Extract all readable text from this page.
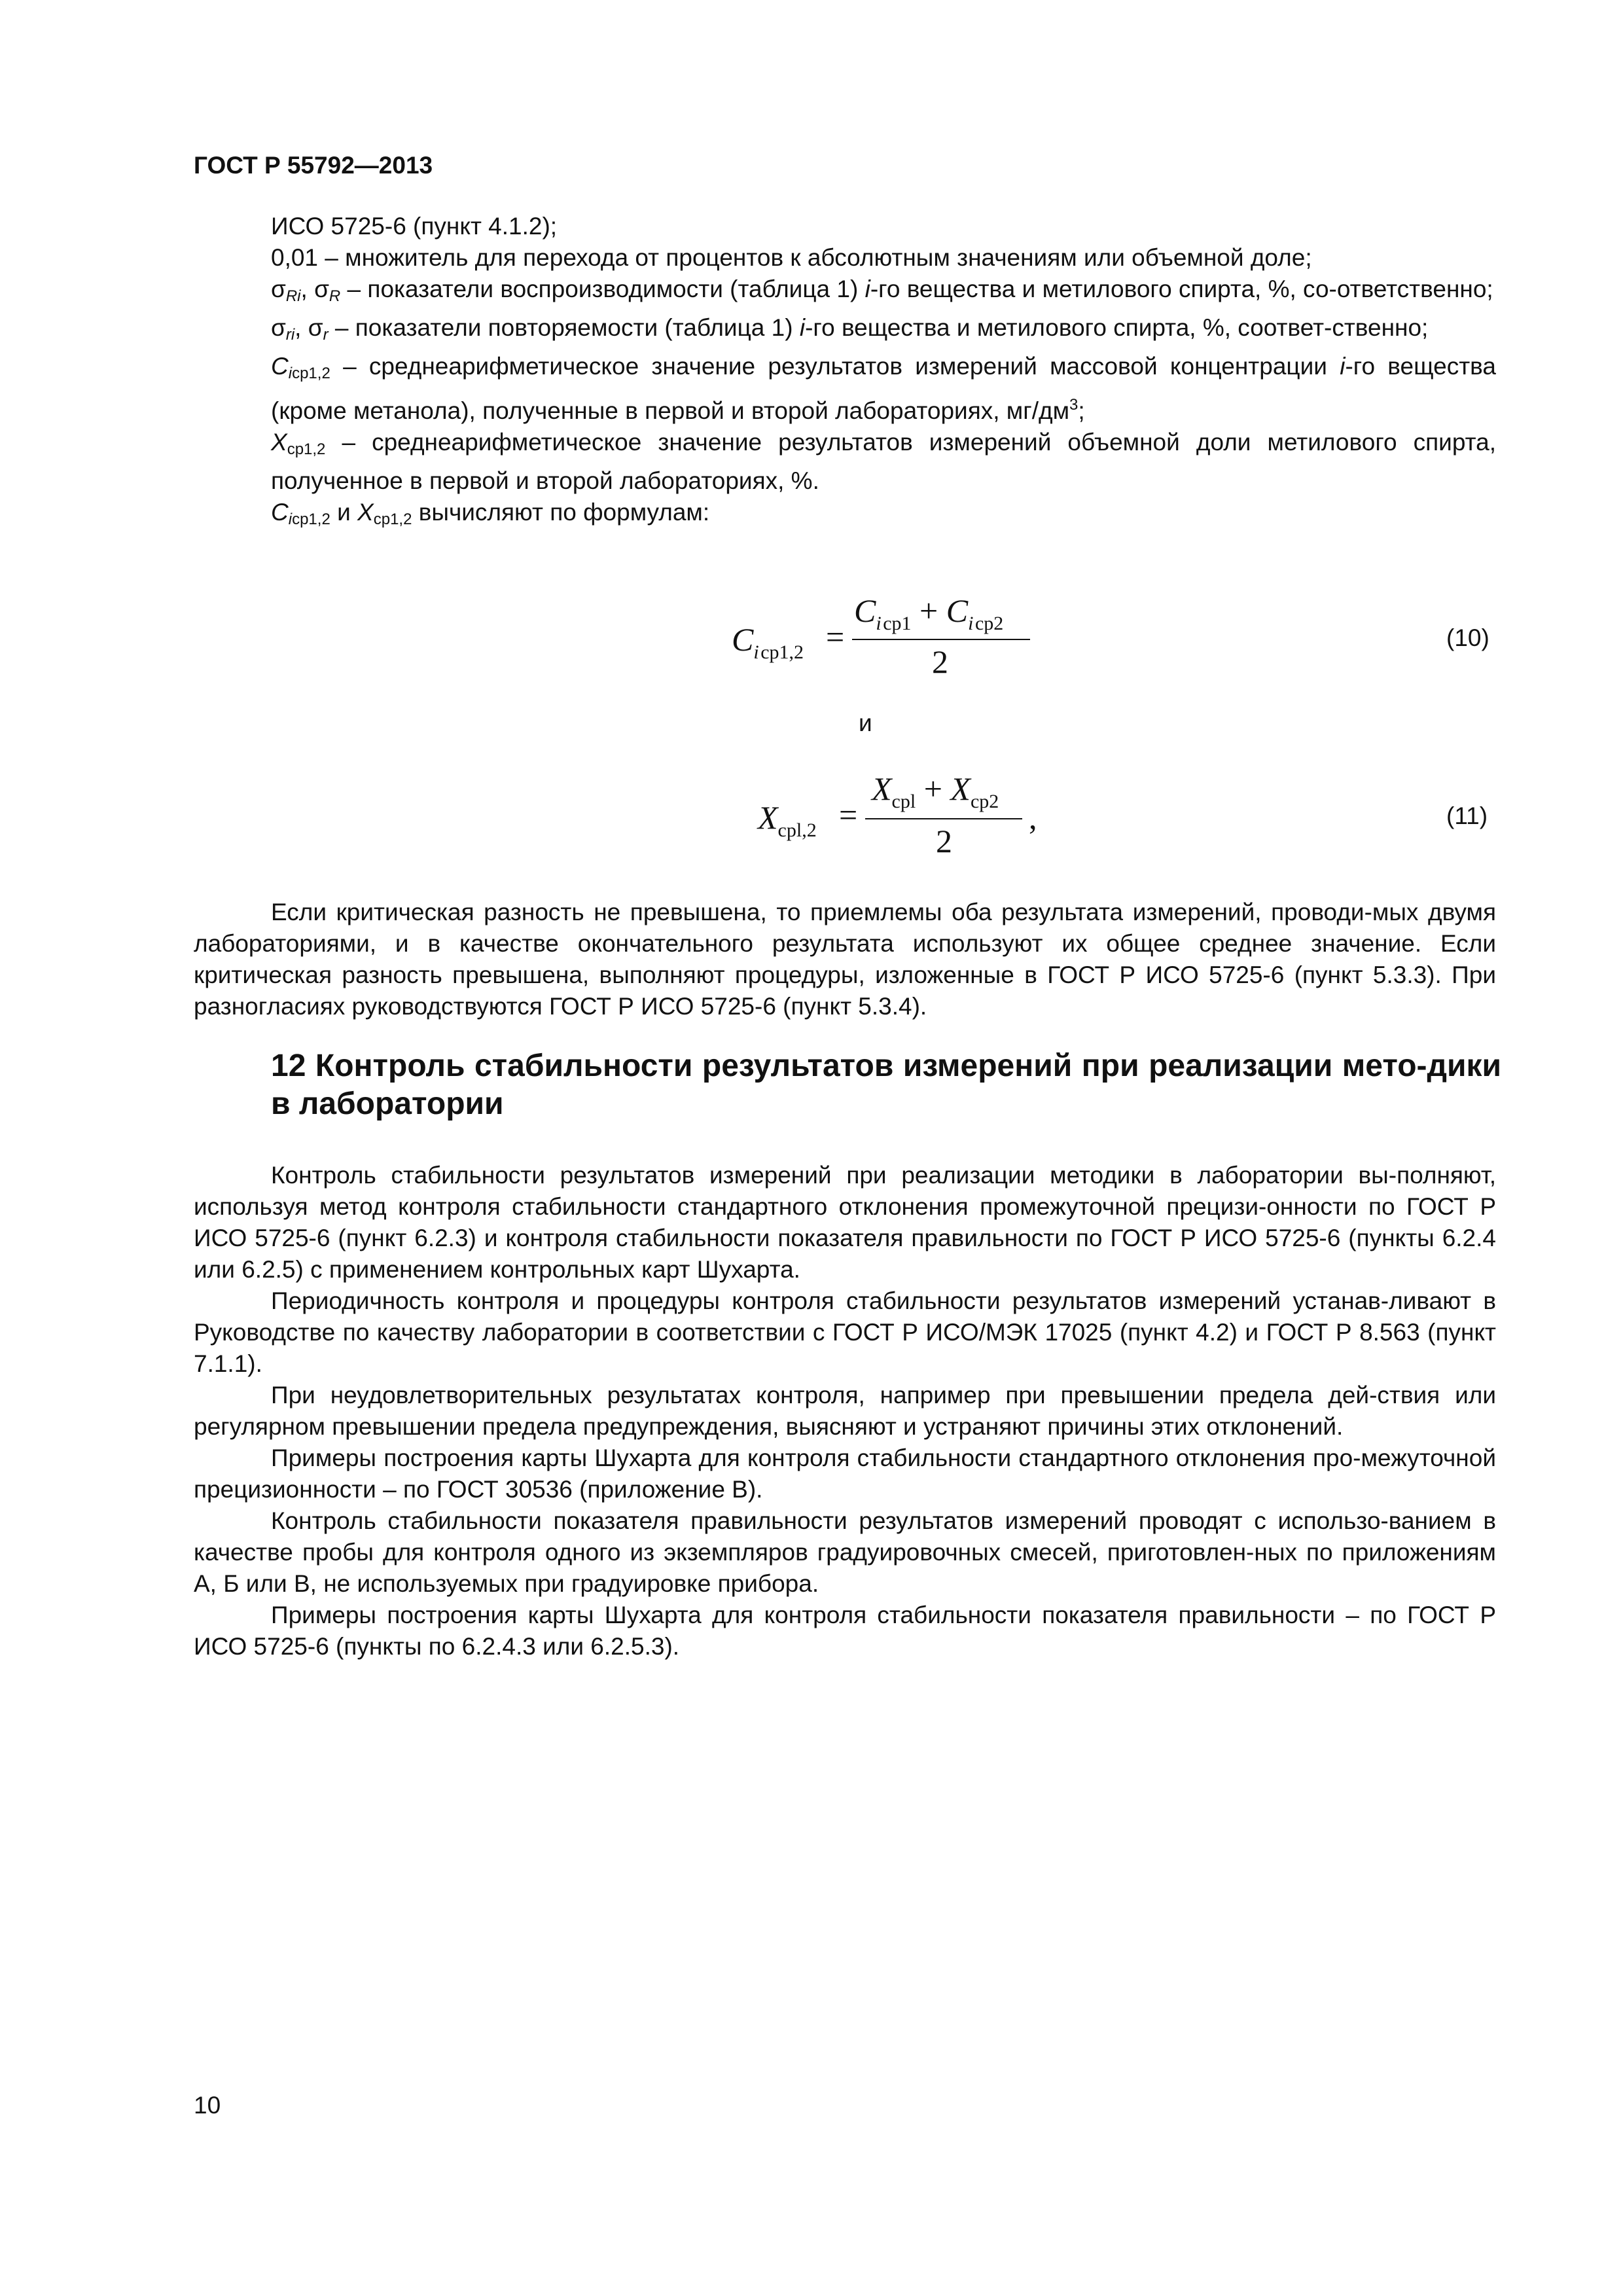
ГОСТ Р 55792—2013

ИСО 5725-6 (пункт 4.1.2);

0,01 – множитель для перехода от процентов к абсолютным значениям или объемной доле;

$\sigma_{Ri}$, $\sigma_R$ – показатели воспроизводимости (таблица 1) i-го вещества и метилового спирта, %, со-ответственно;

$\sigma_{ri}$, $\sigma_r$ – показатели повторяемости (таблица 1) i-го вещества и метилового спирта, %, соответ-ственно;

$C_{iср1,2}$ – среднеарифметическое значение результатов измерений массовой концентрации i-го вещества (кроме метанола), полученные в первой и второй лабораториях, $мг/дм^3$;

$X_{ср1,2}$ – среднеарифметическое значение результатов измерений объемной доли метилового спирта, полученное в первой и второй лабораториях, %.

$C_{iср1,2}$ и $X_{ср1,2}$ вычисляют по формулам:

$C_{i ср1,2}$ =
$C_{i ср1} + C_{i ср2}$
2
(10)
и
$X_{срl,2}$ =
$X_{срl} + X_{ср2}$
2
,	(11)

Если критическая разность не превышена, то приемлемы оба результата измерений, проводи-мых двумя лабораториями, и в качестве окончательного результата используют их общее среднее значение. Если критическая разность превышена, выполняют процедуры, изложенные в ГОСТ Р ИСО 5725-6 (пункт 5.3.3). При разногласиях руководствуются ГОСТ Р ИСО 5725-6 (пункт 5.3.4).

12 Контроль стабильности результатов измерений при реализации мето-дики в лаборатории

Контроль стабильности результатов измерений при реализации методики в лаборатории вы-полняют, используя метод контроля стабильности стандартного отклонения промежуточной прецизи-онности по ГОСТ Р ИСО 5725-6 (пункт 6.2.3) и контроля стабильности показателя правильности по ГОСТ Р ИСО 5725-6 (пункты 6.2.4 или 6.2.5) с применением контрольных карт Шухарта.

Периодичность контроля и процедуры контроля стабильности результатов измерений устанав-ливают в Руководстве по качеству лаборатории в соответствии с ГОСТ Р ИСО/МЭК 17025 (пункт 4.2) и ГОСТ Р 8.563 (пункт 7.1.1).

При неудовлетворительных результатах контроля, например при превышении предела дей-ствия или регулярном превышении предела предупреждения, выясняют и устраняют причины этих отклонений.

Примеры построения карты Шухарта для контроля стабильности стандартного отклонения про-межуточной прецизионности – по ГОСТ 30536 (приложение В).

Контроль стабильности показателя правильности результатов измерений проводят с использо-ванием в качестве пробы для контроля одного из экземпляров градуировочных смесей, приготовлен-ных по приложениям А, Б или В, не используемых при градуировке прибора.

Примеры построения карты Шухарта для контроля стабильности показателя правильности – по ГОСТ Р ИСО 5725-6 (пункты по 6.2.4.3 или 6.2.5.3).

10
